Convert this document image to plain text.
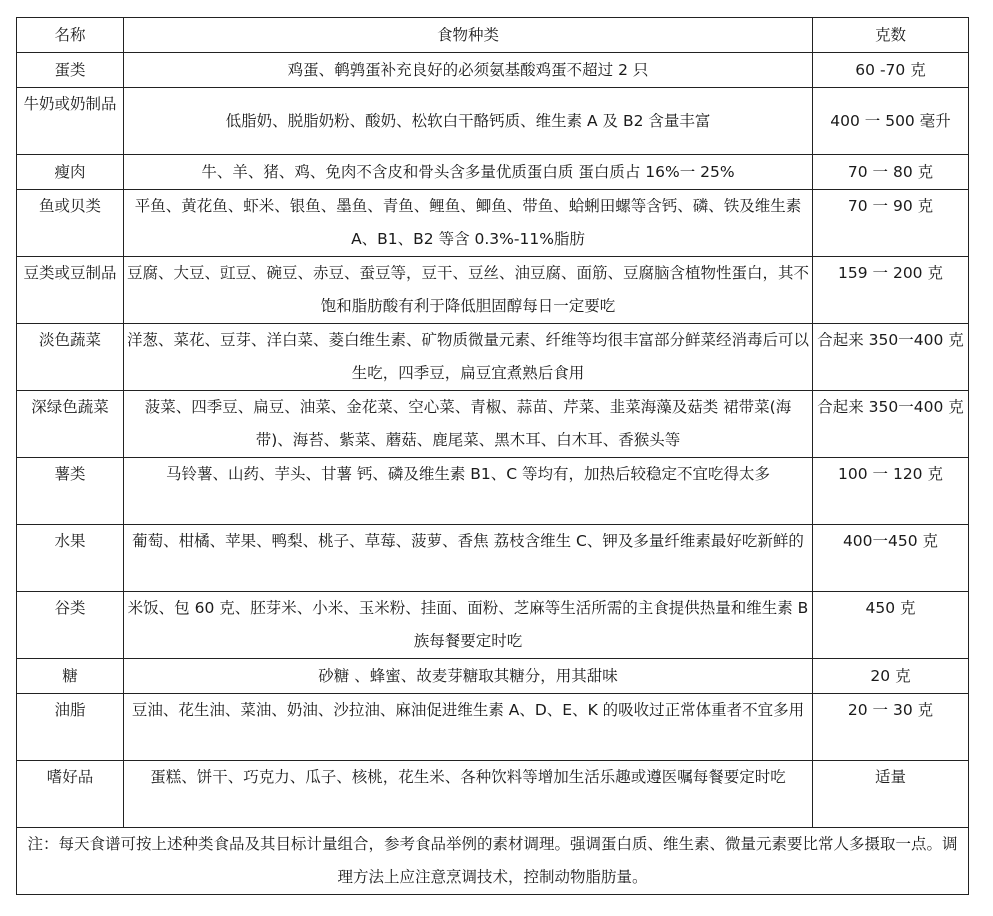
名称	食物种类	克数
蛋类	鸡蛋、鹌鹑蛋补充良好的必须氨基酸鸡蛋不超过 2 只	60 -70 克
牛奶或奶制品	低脂奶、脱脂奶粉、酸奶、松软白干酪钙质、维生素 A 及 B2 含量丰富	400 一 500 毫升
瘦肉	牛、羊、猪、鸡、免肉不含皮和骨头含多量优质蛋白质 蛋白质占 16%一 25%	70 一 80 克
鱼或贝类	平鱼、黄花鱼、虾米、银鱼、墨鱼、青鱼、鲤鱼、鲫鱼、带鱼、蛤蜊田螺等含钙、磷、铁及维生素 A、B1、B2 等含 0.3%-11%脂肪	70 一 90 克
豆类或豆制品	豆腐、大豆、豇豆、碗豆、赤豆、蚕豆等，豆干、豆丝、油豆腐、面筋、豆腐脑含植物性蛋白，其不饱和脂肪酸有利于降低胆固醇每日一定要吃	159 一 200 克
淡色蔬菜	洋葱、菜花、豆芽、洋白菜、菱白维生素、矿物质微量元素、纤维等均很丰富部分鲜菜经消毒后可以生吃，四季豆，扁豆宜煮熟后食用	合起来 350一400 克
深绿色蔬菜	菠菜、四季豆、扁豆、油菜、金花菜、空心菜、青椒、蒜苗、芹菜、韭菜海藻及菇类 裙带菜(海带)、海苔、紫菜、蘑菇、鹿尾菜、黑木耳、白木耳、香猴头等	合起来 350一400 克
薯类	马铃薯、山药、芋头、甘薯 钙、磷及维生素 B1、C 等均有，加热后较稳定不宜吃得太多	100 一 120 克
水果	葡萄、柑橘、苹果、鸭梨、桃子、草莓、菠萝、香焦 荔枝含维生 C、钾及多量纤维素最好吃新鲜的	400一450 克
谷类	米饭、包 60 克、胚芽米、小米、玉米粉、挂面、面粉、芝麻等生活所需的主食提供热量和维生素 B 族每餐要定时吃	450 克
糖	砂糖 、蜂蜜、故麦芽糖取其糖分，用其甜味	20 克
油脂	豆油、花生油、菜油、奶油、沙拉油、麻油促进维生素 A、D、E、K 的吸收过正常体重者不宜多用	20 一 30 克
嗜好品	蛋糕、饼干、巧克力、瓜子、核桃，花生米、各种饮料等增加生活乐趣或遵医嘱每餐要定时吃	适量
注：每天食谱可按上述种类食品及其目标计量组合，参考食品举例的素材调理。强调蛋白质、维生素、微量元素要比常人多摄取一点。调理方法上应注意烹调技术，控制动物脂肪量。		
